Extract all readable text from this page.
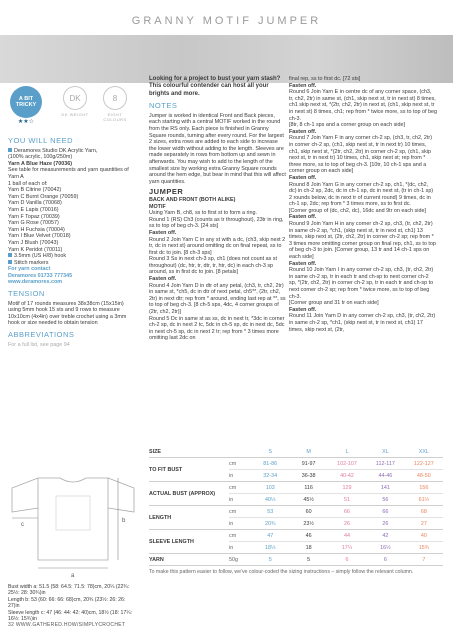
GRANNY MOTIF JUMPER
A BIT
TRICKY
★★☆
DK
DK WEIGHT
8
EIGHT COLOURS
YOU WILL NEED

Deramores Studio DK Acrylic Yarn,

(100% acrylic, 100g/250m)

Yarn A Blue Haze (70036)

See table for measurements and yarn quantities of Yarn A

1 ball of each of:

Yarn B Citrine (70042)

Yarn C Burnt Orange (70059)

Yarn D Vanilla (70068)

Yarn E Lapis (70016)

Yarn F Topaz (70039)

Yarn G Rose (70057)

Yarn H Fuchsia (70004)

Yarn I Blue Velvet (70018)

Yarn J Blush (70043)

Yarn K Peridot (70011)

3.5mm (US H/8) hook

Stitch markers

For yarn contact

Deramores 01733 777345

www.deramores.com

TENSION

Motif of 17 rounds measures 38x38cm (15x15in) using 5mm hook 15 sts and 9 rows to measure 10x10cm (4x4in) over treble crochet using a 3mm hook or size needed to obtain tension

ABBREVIATIONS

For a full list, see page 94

Looking for a project to bust your yarn stash? This colourful contender can host all your brights and more.

NOTES

Jumper is worked in identical Front and Back pieces, each starting with a central MOTIF worked in the round from the RS only. Each piece is finished in Granny Square rounds, turning after every round. For the largest 2 sizes, extra rows are added to each side to increase the lower width without adding to the length. Sleeves are made separately in rows from bottom up and sewn in afterwards. You may wish to add to the length of the smallest size by working extra Granny Square rounds around the hem edge, but bear in mind that this will affect yarn quantities.

JUMPER

BACK AND FRONT (BOTH ALIKE)

MOTIF

Using Yarn B, ch8, ss to first st to form a ring.

Round 1 (RS) Ch3 (counts as tr throughout), 23tr in ring, ss to top of beg ch-3. [24 sts]

Fasten off.

Round 2 Join Yarn C in any st with a dc, (ch3, skip next 2 tr, dc in next st) around omitting dc on final repeat, ss to first dc to join. [8 ch-3 sps]

Round 3 Ss in next ch-3 sp, ch1 (does not count as st throughout) (dc, htr, tr, dtr, tr, htr, dc) in each ch-3 sp around, ss in first dc to join. [8 petals]

Fasten off.

Round 4 Join Yarn D in dtr of any petal, (ch3, tr, ch2, 2tr) in same st, *ch5, dc in dtr of next petal, ch5**, (2tr, ch2, 2tr) in next dtr; rep from * around, ending last rep at **, ss to top of beg ch-3. [8 ch-5 sps, 4dc, 4 corner groups of (2tr, ch2, 2tr)]

Round 5 Dc in same st as ss, dc in next tr, *3dc in corner ch-2 sp, dc in next 2 tc, 5dc in ch-5 sp, dc in next dc, 5dc in next ch-5 sp, dc in next 2 tr; rep from * 3 times more omitting last 2dc on

final rep, ss to first dc. [72 sts]

Fasten off.

Round 6 Join Yarn E in centre dc of any corner space, (ch3, tr, ch2, 2tr) in same st, (ch1, skip next st, tr in next st) 8 times, ch1 skip next st, *(2tr, ch2, 2tr) in next st, (ch1, skip next st, tr in next st) 8 times, ch1; rep from * twice more, ss to top of beg ch-3.

[8tr, 8 ch-1 sps and a corner group on each side]

Fasten off.

Round 7 Join Yarn F in any corner ch-2 sp, (ch3, tr, ch2, 2tr) in corner ch-2 sp, (ch1, skip next st, tr in next tr) 10 times, ch1, skip next st, *(2tr, ch2, 2tr) in corner ch-2 sp, (ch1, skip next st, tr in next tr) 10 times, ch1, skip next st; rep from * three more, ss to top of beg ch-3. [10tr, 10 ch-1 sps and a corner group on each side]

Fasten off.

Round 8 Join Yarn G in any corner ch-2 sp, ch1, *(dc, ch2, dc) in ch-2 sp, 2dc, dc in ch-1 sp, dc in next st, (tr in ch-1 sp) 2 rounds below, dc in next tr of current round) 9 times, dc in ch-1 sp, 2dc; rep from * 3 times more, ss to first dc.

[Corner group of (dc, ch2, dc), 16dc and 9tr on each side]

Fasten off.

Round 9 Join Yarn H in any corner ch-2 sp, ch3, (tr, ch2, 2tr) in same ch-2 sp, *ch1, (skip next st, tr in next st, ch1) 13 times, skip next st, (2tr, ch2, 2tr) in corner ch-2 sp; rep from * 3 times more omitting corner group on final rep, ch1, ss to top of beg ch-3 to join. [Corner group, 13 tr and 14 ch-1 sps on each side]

Fasten off.

Round 10 Join Yarn I in any corner ch-2 sp, ch3, (tr, ch2, 2tr) in same ch-2 sp, tr in each tr and ch-sp to next corner ch-2 sp, *(2tr, ch2, 2tr) in corner ch-2 sp, tr in each tr and ch-sp to next corner ch-2 sp; rep from * twice more, ss to top of beg ch-3.

[Corner group and 31 tr on each side]

Fasten off.

Round 11 Join Yarn D in any corner ch-2 sp, ch3, (tr, ch2, 2tr) in same ch-2 sp, *ch1, (skip next st, tr in next st, ch1) 17 times, skip next st, (2tr,

SIZE	S	M	L	XL	XXL
TO FIT BUST
cm	81-86	91-97	102-107	112-117	122-127
in	32-34	36-38	40-42	44-46	48-50
ACTUAL BUST (APPROX)
cm	103	116	129	141	156
in	40½	45½	51	56	61½
LENGTH
cm	53	60	66	66	68
in	20¾	23½	26	26	27
SLEEVE LENGTH
cm	47	46	44	42	40
in	18½	18	17¼	16½	15¾
YARN	50g	5	5	6	6	7
To make this pattern easier to follow, we've colour-coded the sizing instructions – simply follow the relevant column.
a
b
c

Bust width a: 51.5 (58: 64.5: 71.5: 78)cm, 20¼ (22¾: 25½: 28: 30¾)in

Length b: 53 (60: 66: 66: 68)cm, 20¾ (23½: 26: 26: 27)in

Sleeve length c: 47 (46: 44: 42: 40)cm, 18½ (18: 17¼: 16½: 15¾)in

32 WWW.GATHERED.HOW/SIMPLYCROCHET
